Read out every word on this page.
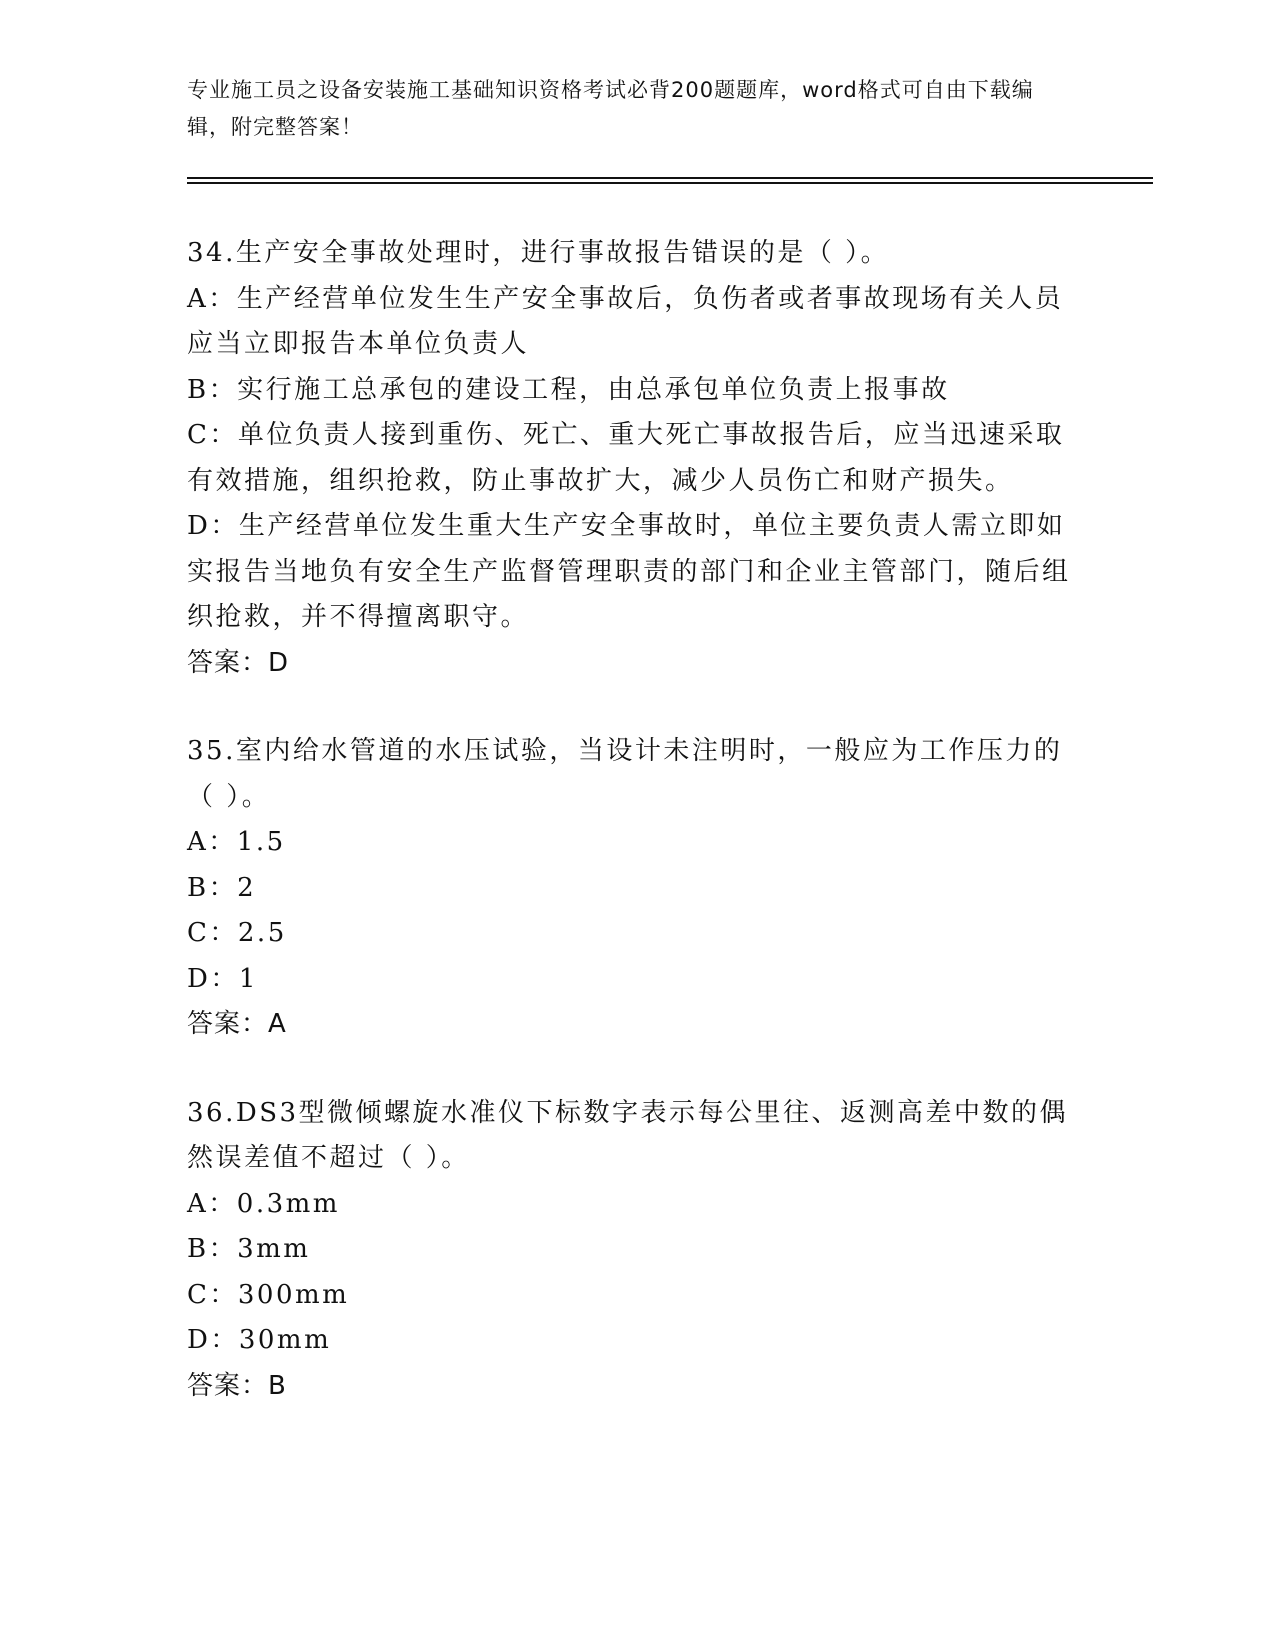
专业施工员之设备安装施工基础知识资格考试必背200题题库，word格式可自由下载编辑，附完整答案！
34.生产安全事故处理时，进行事故报告错误的是（ ）。
A：生产经营单位发生生产安全事故后，负伤者或者事故现场有关人员应当立即报告本单位负责人
B：实行施工总承包的建设工程，由总承包单位负责上报事故
C：单位负责人接到重伤、死亡、重大死亡事故报告后，应当迅速采取有效措施，组织抢救，防止事故扩大，减少人员伤亡和财产损失。
D：生产经营单位发生重大生产安全事故时，单位主要负责人需立即如实报告当地负有安全生产监督管理职责的部门和企业主管部门，随后组织抢救，并不得擅离职守。
答案：D
35.室内给水管道的水压试验，当设计未注明时，一般应为工作压力的（ ）。
A：1.5
B：2
C：2.5
D：1
答案：A
36.DS3型微倾螺旋水准仪下标数字表示每公里往、返测高差中数的偶然误差值不超过（ ）。
A：0.3mm
B：3mm
C：300mm
D：30mm
答案：B
